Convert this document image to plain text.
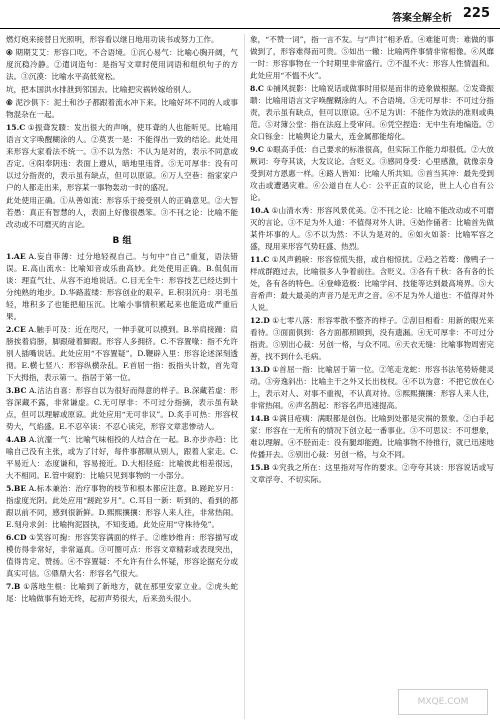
答案全解全析 225

燃灯炮来接替日光照明，形容看以继日地用功读书或努力工作。

④ 期期艾艾：形容口吃。不合语境。①沉心易气：比喻心胸开阔，气度沉稳冷静。②遣词造句：是指写文章时使用词语和组织句子的方法。③沉漠：比喻水平高低宽松。

坑，把本国洪水排泄到邻国去。比喻把灾祸转嫁给别人。

⑥ 泥沙俱下：泥土和沙子都跟着流水冲下来。比喻好坏不同的人或事物混杂在一起。

15.C ①振聋发聩：发出很大的声响，使耳聋的人也能听见。比喻用语言文字唤醒糊涂的人。②莫衷一是：不能得出一致的结论。此处用来形容大家看法不统一。③不以为然：不认为是对的，表示不同意或否定。④阳奉阴违：表面上遵从，暗地里违背。⑤无可厚非：没有可以过分指责的，表示虽有缺点，但可以原谅。⑥万人空巷：指家家户户的人都走出来，形容某一事物轰动一时的盛况。

此处使用正确。①从善如流：形容乐于接受别人的正确意见。②大智若愚：真正有智慧的人，表面上好像很愚笨。③不刊之论：比喻不能改动或不可磨灭的言论。

B 组

1.AE A.妄自菲薄：过分地轻视自己。与句中“自己”重复，语法错误。E.高山流水：比喻知音或乐曲高妙。此处使用正确。B.侃侃而谈：理直气壮、从容不迫地说话。C.目无全牛：形容技艺已经达到十分纯熟的地步。D.华路蓝缕：形容创业的艰辛。E.积羽沉舟：羽毛虽轻，堆积多了也能把船压沉。比喻小事情积累起来也能造成严重后果。

2.CE A.触手可及：近在咫尺，一伸手就可以摸到。B.举肩接踵：肩膀挨着肩膀，脚跟碰着脚跟。形容人多拥挤。C.不容置喙：指不允许别人插嘴说话。此处应用“不容置疑”。D.鞭辟入里：形容论述深刻透彻。E.横七竖八：形容纵横杂乱。F.首屈一指：扳指头计数，首先弯下大拇指，表示第一。指居于第一位。

3.BC A.沽沽自喜：形容自以为很好而得意的样子。B.深藏若虚：形容深藏不露，非常谦虚。C.无可厚非：不可过分指摘，表示虽有缺点，但可以理解或原谅。此处应用“无可非议”。D.炙手可热：形容权势大，气焰盛。E.不忍卒读：不忍心读完，形容文章悲惨动人。

4.AB A.沆瀣一气：比喻气味相投的人结合在一起。B.亦步亦趋：比喻自己没有主张，或为了讨好，每件事都顺从别人，跟着人家走。C.平易近人：态度谦和，容易接近。D.大相径庭：比喻彼此相差很远，大不相同。E.管中窥豹：比喻只见到事物的一小部分。

5.BE A.标本兼治：治疗事物的枝节和根本都应注意。B.蹉跎岁月：指虚度光阴。此处应用“蹉跎岁月”。C.耳目一新：听到的、看到的都跟以前不同，感到很新鲜。D.熙熙攘攘：形容人来人往，非常热闹。E.刻舟求剑：比喻拘泥固执，不知变通。此处应用“守株待兔”。

6.CD ①笑容可掬：形容笑容满面的样子。②维妙维肖：形容描写或模仿得非常好，非常逼真。③可圈可点：形容文章精彩或表现突出，值得肯定、赞扬。④不容置疑：不允许有什么怀疑，形容论据充分或真实可信。⑤鼎鼎大名：形容名气很大。

7.B ①落地生根：比喻到了新地方，就在那里安家立业。②虎头蛇尾：比喻做事有始无终，起初声势很大，后来劲头很小。

象，“不赞一词”，指一言不发。与“声讨”相矛盾。④难能可贵：难做的事做到了，形容难得而可贵。⑤如出一辙：比喻两件事情非常相像。⑥风靡一时：形容事物在一个时期里非常盛行。⑦不温不火：形容人性情温和。此处应用“不愠不火”。

8.C ①捕风捉影：比喻说话或做事时用似是而非的迹象做根据。②发聋振聩：比喻用语言文字唤醒糊涂的人。不合语境。③无可厚非：不可过分指责，表示虽有缺点，但可以原谅。④不足为训：不能作为效法的准则或典范。⑤对簿公堂：指在法庭上受审问。⑥凭空捏造：无中生有地编造。⑦众口铄金：比喻舆论力量大，连金属都能熔化。

9.C ①眼高手低：自己要求的标准很高，但实际工作能力却很低。②大放厥词：夸夸其谈，大发议论。含贬义。③感同身受：心里感激，就像亲身受到对方恩惠一样。④路人皆知：比喻人所共知。⑤首当其冲：最先受到攻击或遭遇灾难。⑥公道自在人心：公平正直的议论，世上人心自有公论。

10.A ①山清水秀：形容风景优美。②不刊之论：比喻不能改动或不可磨灭的言论。③不足为外人道：不值得对外人讲。④始作俑者：比喻首先做某件坏事的人。⑤不以为然：不认为是对的。⑥如火如荼：比喻军容之盛，现用来形容气势旺盛、热烈。

11.C ①风声鹤唳：形容惊慌失措，或自相惊扰。②趋之若鹜：像鸭子一样成群跑过去，比喻很多人争着前往。含贬义。③各有千秋：各有各的长处，各有各的特色。④登峰造极：比喻学问、技能等达到最高境界。⑤大音希声：最大最美的声音乃是无声之音。⑥不足为外人道也：不值得对外人说。

12.D ①七零八落：形容零散不整齐的样子。②刮目相看：用新的眼光来看待。③面面俱到：各方面都照顾到，没有遗漏。④无可厚非：不可过分指责。⑤别出心裁：另创一格，与众不同。⑥天衣无缝：比喻事物周密完善，找不到什么毛病。

13.D ①首屈一指：比喻居于第一位。②笔走龙蛇：形容书法笔势矫健灵动。③旁逸斜出：比喻主干之外又长出枝杈。④不以为意：不把它放在心上，表示对人、对事不重视，不认真对待。⑤熙熙攘攘：形容人来人往，非常热闹。⑥声名鹊起：形容名声迅速提高。

14.B ①满目疮痍：满眼都是创伤。比喻到处都是灾祸的景象。②白手起家：形容在一无所有的情况下创立起一番事业。③不可思议：不可想象，难以理解。④不胫而走：没有腿却能跑。比喻事物不待推行，就已迅速地传播开去。⑤别出心裁：另创一格，与众不同。

15.B ①究我之所在：这里指对写作的要求。②夸夸其谈：形容说话或写文章浮夸、不切实际。

MXQE.COM
